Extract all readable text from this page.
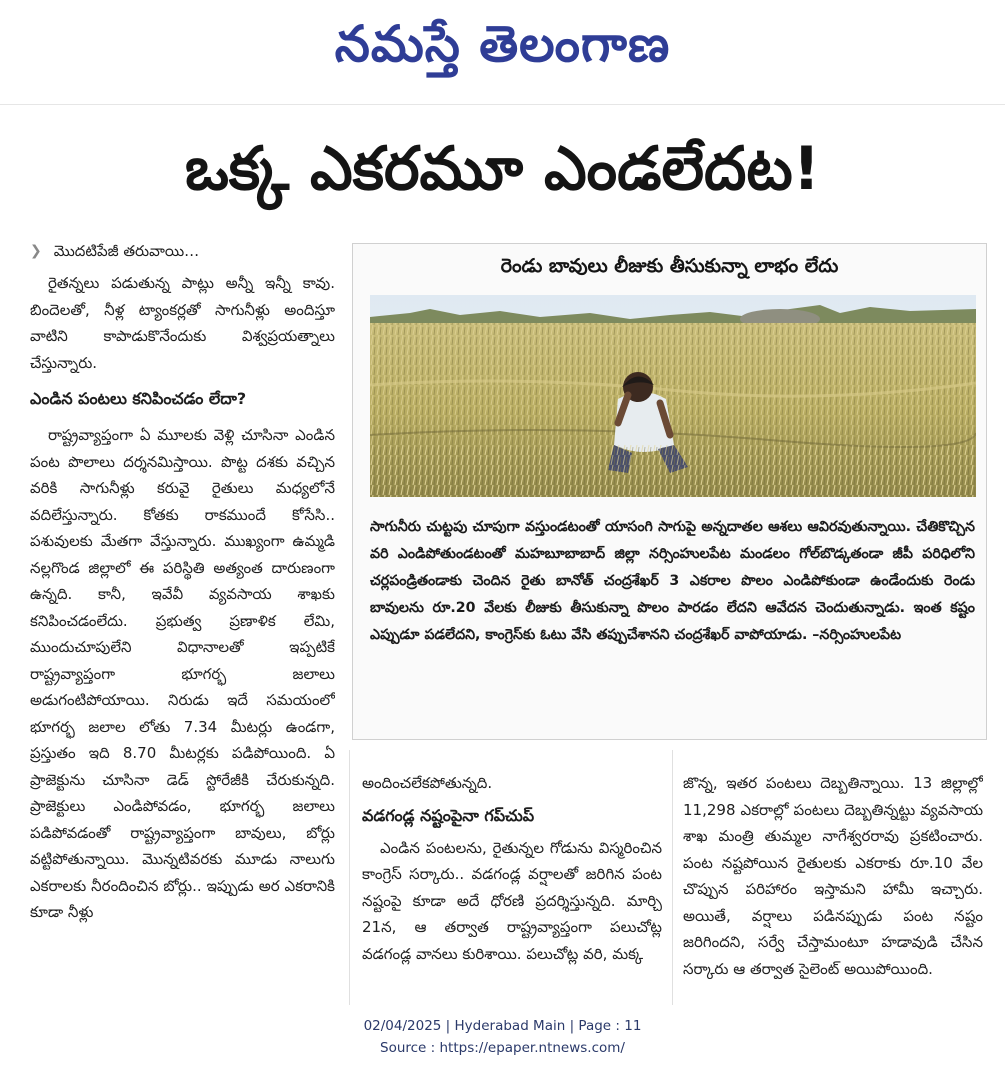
నమస్తే తెలంగాణ
ఒక్క ఎకరమూ ఎండలేదట!
❯ మొదటిపేజీ తరువాయి…

రైతన్నలు పడుతున్న పాట్లు అన్నీ ఇన్నీ కావు. బిందెలతో, నీళ్ల ట్యాంకర్లతో సాగునీళ్లు అందిస్తూ వాటిని కాపాడుకొనేందుకు విశ్వప్రయత్నాలు చేస్తున్నారు.

ఎండిన పంటలు కనిపించడం లేదా?

రాష్ట్రవ్యాప్తంగా ఏ మూలకు వెళ్లి చూసినా ఎండిన పంట పొలాలు దర్శనమిస్తాయి. పొట్ట దశకు వచ్చిన వరికి సాగునీళ్లు కరువై రైతులు మధ్యలోనే వదిలేస్తున్నారు. కోతకు రాకముందే కోసేసి.. పశువులకు మేతగా వేస్తున్నారు. ముఖ్యంగా ఉమ్మడి నల్లగొండ జిల్లాలో ఈ పరిస్థితి అత్యంత దారుణంగా ఉన్నది. కానీ, ఇవేవీ వ్యవసాయ శాఖకు కనిపించడంలేదు. ప్రభుత్వ ప్రణాళిక లేమి, ముందుచూపులేని విధానాలతో ఇప్పటికే రాష్ట్రవ్యాప్తంగా భూగర్భ జలాలు అడుగంటిపోయాయి. నిరుడు ఇదే సమయంలో భూగర్భ జలాల లోతు 7.34 మీటర్లు ఉండగా, ప్రస్తుతం ఇది 8.70 మీటర్లకు పడిపోయింది. ఏ ప్రాజెక్టును చూసినా డెడ్ స్టోరేజీకి చేరుకున్నది. ప్రాజెక్టులు ఎండిపోవడం, భూగర్భ జలాలు పడిపోవడంతో రాష్ట్రవ్యాప్తంగా బావులు, బోర్లు వట్టిపోతున్నాయి. మొన్నటివరకు మూడు నాలుగు ఎకరాలకు నీరందించిన బోర్లు.. ఇప్పుడు అర ఎకరానికి కూడా నీళ్లు

రెండు బావులు లీజుకు తీసుకున్నా లాభం లేదు
సాగునీరు చుట్టపు చూపుగా వస్తుండటంతో యాసంగి సాగుపై అన్నదాతల ఆశలు ఆవిరవుతున్నాయి. చేతికొచ్చిన వరి ఎండిపోతుండటంతో మహబూబాబాద్ జిల్లా నర్సింహులపేట మండలం గోల్‌బొడ్కతండా జీపీ పరిధిలోని చర్లపండ్రితండాకు చెందిన రైతు బానోత్ చంద్రశేఖర్ 3 ఎకరాల పొలం ఎండిపోకుండా ఉండేందుకు రెండు బావులను రూ.20 వేలకు లీజుకు తీసుకున్నా పొలం పారడం లేదని ఆవేదన చెందుతున్నాడు. ఇంత కష్టం ఎప్పుడూ పడలేదని, కాంగ్రెస్‌కు ఓటు వేసి తప్పుచేశానని చంద్రశేఖర్ వాపోయాడు. –నర్సింహులపేట

అందించలేకపోతున్నది.

వడగండ్ల నష్టంపైనా గప్‌చుప్

ఎండిన పంటలను, రైతున్నల గోడును విస్మరించిన కాంగ్రెస్ సర్కారు.. వడగండ్ల వర్షాలతో జరిగిన పంట నష్టంపై కూడా అదే ధోరణి ప్రదర్శిస్తున్నది. మార్చి 21న, ఆ తర్వాత రాష్ట్రవ్యాప్తంగా పలుచోట్ల వడగండ్ల వానలు కురిశాయి. పలుచోట్ల వరి, మక్క

జొన్న, ఇతర పంటలు దెబ్బతిన్నాయి. 13 జిల్లాల్లో 11,298 ఎకరాల్లో పంటలు దెబ్బతిన్నట్టు వ్యవసాయ శాఖ మంత్రి తుమ్మల నాగేశ్వరరావు ప్రకటించారు. పంట నష్టపోయిన రైతులకు ఎకరాకు రూ.10 వేల చొప్పున పరిహారం ఇస్తామని హామీ ఇచ్చారు. అయితే, వర్షాలు పడినప్పుడు పంట నష్టం జరిగిందని, సర్వే చేస్తామంటూ హడావుడి చేసిన సర్కారు ఆ తర్వాత సైలెంట్ అయిపోయింది.

02/04/2025 | Hyderabad Main | Page : 11
Source : https://epaper.ntnews.com/
